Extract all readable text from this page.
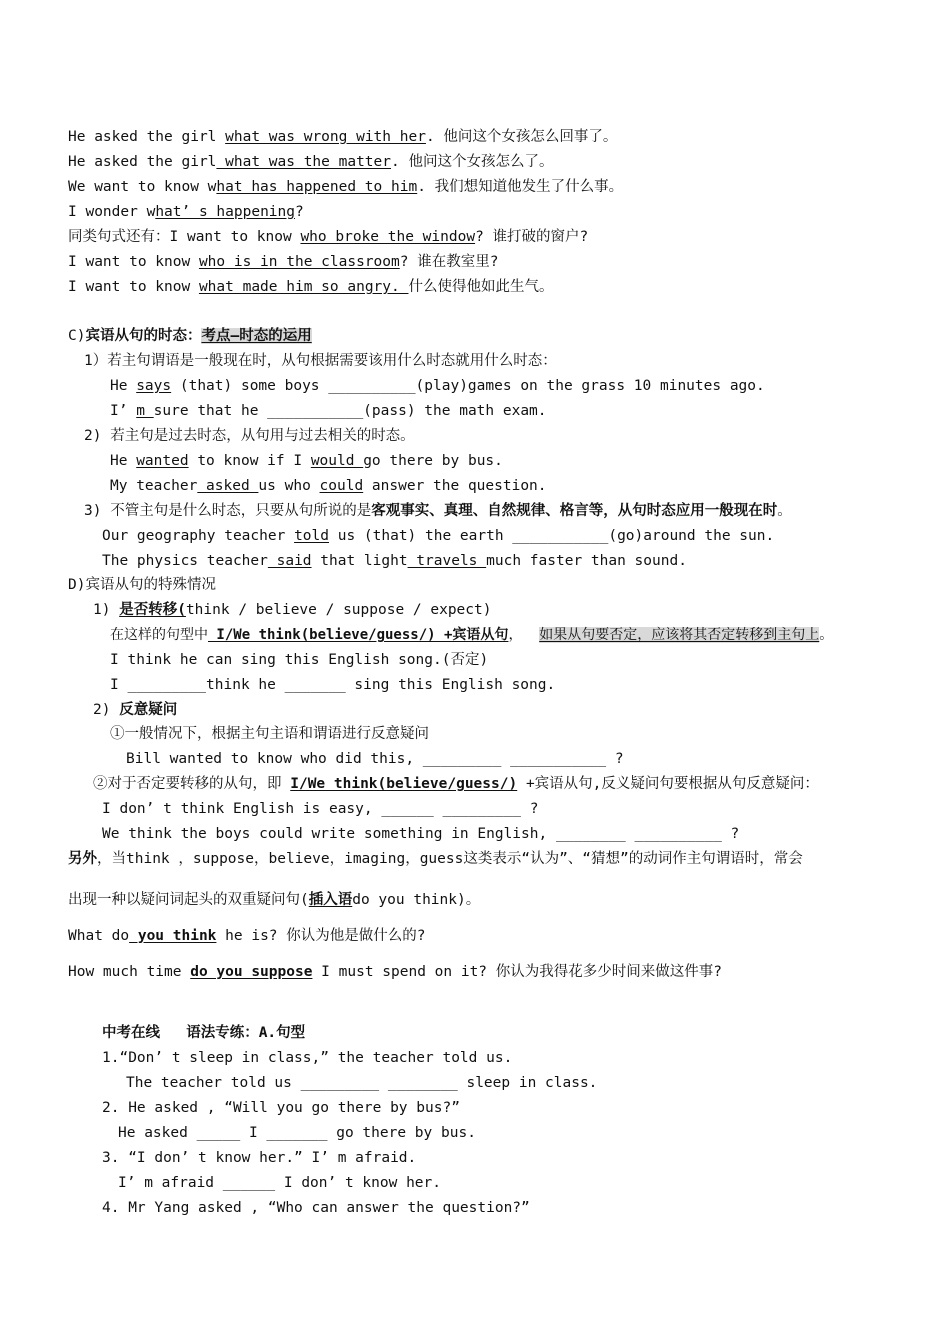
He asked the girl what was wrong with her. 他问这个女孩怎么回事了。
He asked the girl what was the matter. 他问这个女孩怎么了。
We want to know what has happened to him. 我们想知道他发生了什么事。
I wonder what’ s happening?
同类句式还有：I want to know who broke the window? 谁打破的窗户?
I want to know who is in the classroom? 谁在教室里?
I want to know what made him so angry. 什么使得他如此生气。
C)宾语从句的时态：考点—时态的运用
1）若主句谓语是一般现在时，从句根据需要该用什么时态就用什么时态：
He says (that) some boys __________(play)games on the grass 10 minutes ago.
I’ m sure that he ___________(pass) the math exam.
2) 若主句是过去时态，从句用与过去相关的时态。
He wanted to know if I would go there by bus.
My teacher asked us who could answer the question.
3) 不管主句是什么时态，只要从句所说的是客观事实、真理、自然规律、格言等，从句时态应用一般现在时。
Our geography teacher told us (that) the earth ___________(go)around the sun.
The physics teacher said that light travels much faster than sound.
D)宾语从句的特殊情况
1) 是否转移(think / believe / suppose / expect)
在这样的句型中 I/We think(believe/guess/) +宾语从句，  如果从句要否定，应该将其否定转移到主句上。
I think he can sing this English song.(否定)
I _________think he _______ sing this English song.
2) 反意疑问
①一般情况下，根据主句主语和谓语进行反意疑问
Bill wanted to know who did this, _________ ___________ ?
②对于否定要转移的从句，即 I/We think(believe/guess/) +宾语从句,反义疑问句要根据从句反意疑问：
I don’ t think English is easy, ______ _________ ?
We think the boys could write something in English, ________ __________ ?
另外，当think ，suppose，believe，imaging，guess这类表示“认为”、“猜想”的动词作主句谓语时，常会
出现一种以疑问词起头的双重疑问句(插入语do you think)。
What do you think he is? 你认为他是做什么的?
How much time do you suppose I must spend on it? 你认为我得花多少时间来做这件事?
中考在线   语法专练：A.句型
1.“Don’ t sleep in class,” the teacher told us.
The teacher told us _________ ________ sleep in class.
2. He asked , “Will you go there by bus?”
He asked _____ I _______ go there by bus.
3. “I don’ t know her.” I’ m afraid.
I’ m afraid ______ I don’ t know her.
4. Mr Yang asked , “Who can answer the question?”
